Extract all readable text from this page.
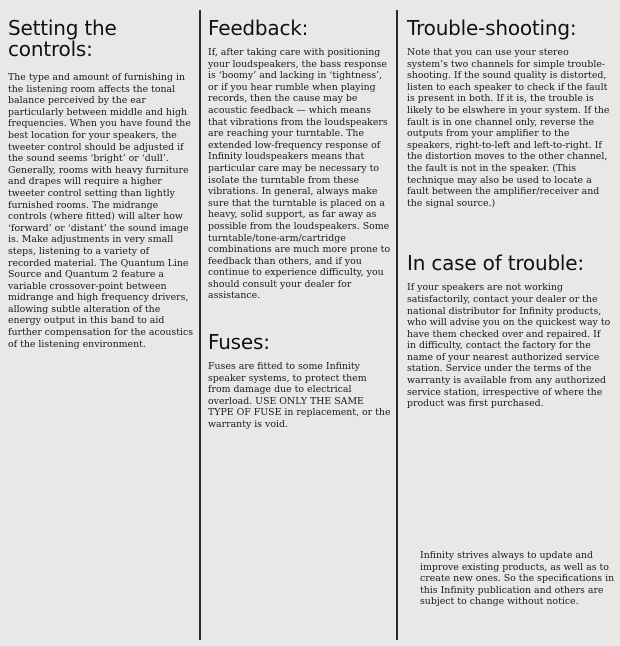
Setting the controls:

The type and amount of furnishing in the listening room affects the tonal balance perceived by the ear particularly between middle and high frequencies. When you have found the best location for your speakers, the tweeter control should be adjusted if the sound seems ‘bright’ or ‘dull’. Generally, rooms with heavy furniture and drapes will require a higher tweeter control setting than lightly furnished rooms. The midrange controls (where fitted) will alter how ‘forward’ or ‘distant’ the sound image is. Make adjustments in very small steps, listening to a variety of recorded material. The Quantum Line Source and Quantum 2 feature a variable crossover-point between midrange and high frequency drivers, allowing subtle alteration of the energy output in this band to aid further compensation for the acoustics of the listening environment.

Feedback:

If, after taking care with positioning your loudspeakers, the bass response is ‘boomy’ and lacking in ‘tightness’, or if you hear rumble when playing records, then the cause may be acoustic feedback — which means that vibrations from the loudspeakers are reaching your turntable. The extended low-frequency response of Infinity loudspeakers means that particular care may be necessary to isolate the turntable from these vibrations. In general, always make sure that the turntable is placed on a heavy, solid support, as far away as possible from the loudspeakers. Some turntable/tone-arm/cartridge combinations are much more prone to feedback than others, and if you continue to experience difficulty, you should consult your dealer for assistance.

Fuses:

Fuses are fitted to some Infinity speaker systems, to protect them from damage due to electrical overload. USE ONLY THE SAME TYPE OF FUSE in replacement, or the warranty is void.

Trouble-shooting:

Note that you can use your stereo system’s two channels for simple trouble-shooting. If the sound quality is distorted, listen to each speaker to check if the fault is present in both. If it is, the trouble is likely to be elswhere in your system. If the fault is in one channel only, reverse the outputs from your amplifier to the speakers, right-to-left and left-to-right. If the distortion moves to the other channel, the fault is not in the speaker. (This technique may also be used to locate a fault between the amplifier/receiver and the signal source.)

In case of trouble:

If your speakers are not working satisfactorily, contact your dealer or the national distributor for Infinity products, who will advise you on the quickest way to have them checked over and repaired. If in difficulty, contact the factory for the name of your nearest authorized service station. Service under the terms of the warranty is available from any authorized service station, irrespective of where the product was first purchased.

Infinity strives always to update and improve existing products, as well as to create new ones. So the specifications in this Infinity publication and others are subject to change without notice.
